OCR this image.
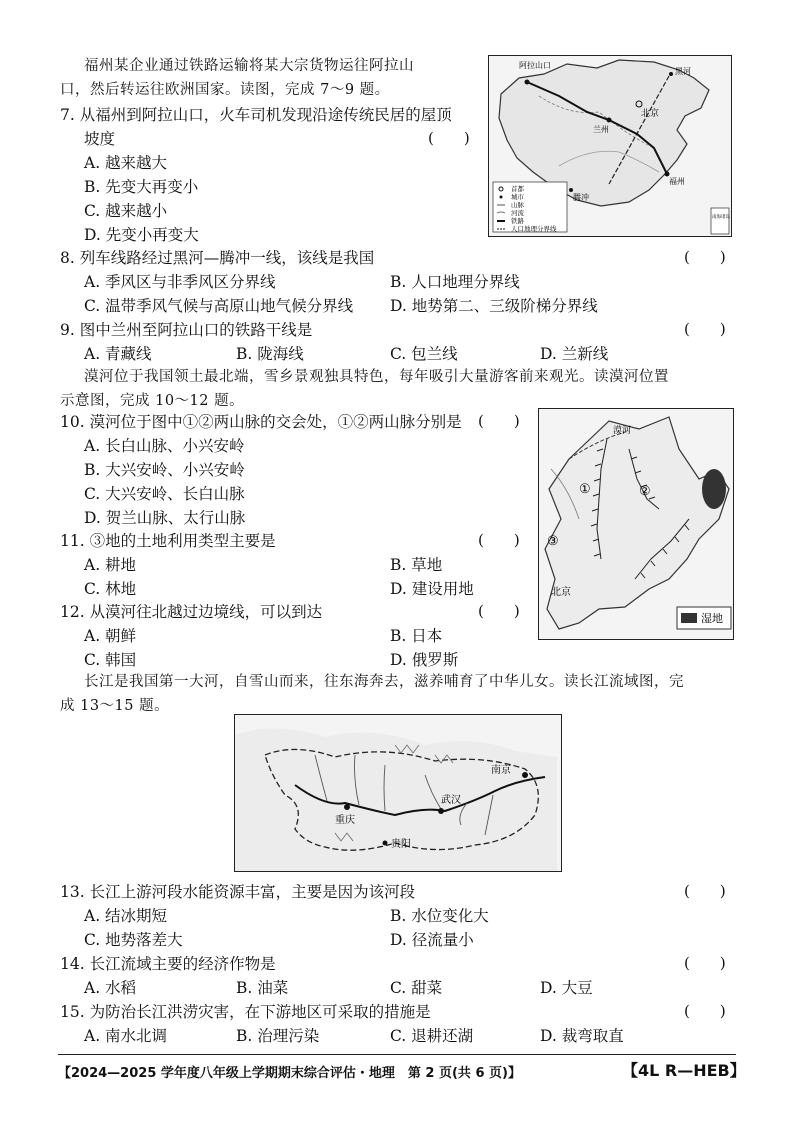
福州某企业通过铁路运输将某大宗货物运往阿拉山
口，然后转运往欧洲国家。读图，完成 7～9 题。
阿拉山口
北京
兰州
福州
腾冲
黑河
首都
城市
山脉
河流
铁路
人口地理分界线
南海诸岛
7. 从福州到阿拉山口，火车司机发现沿途传统民居的屋顶
坡度	(　　)
A. 越来越大
B. 先变大再变小
C. 越来越小
D. 先变小再变大
8. 列车线路经过黑河—腾冲一线，该线是我国	(　　)
A. 季风区与非季风区分界线	B. 人口地理分界线
C. 温带季风气候与高原山地气候分界线 D. 地势第二、三级阶梯分界线
9. 图中兰州至阿拉山口的铁路干线是	(　　)
A. 青藏线	B. 陇海线	C. 包兰线	D. 兰新线
漠河位于我国领土最北端，雪乡景观独具特色，每年吸引大量游客前来观光。读漠河位置
示意图，完成 10～12 题。
漠河
①	②
③
北京
湿地
10. 漠河位于图中①②两山脉的交会处，①②两山脉分别是 (　　)
A. 长白山脉、小兴安岭
B. 大兴安岭、小兴安岭
C. 大兴安岭、长白山脉
D. 贺兰山脉、太行山脉
11. ③地的土地利用类型主要是	(　　)
A. 耕地	B. 草地
C. 林地	D. 建设用地
12. 从漠河往北越过边境线，可以到达	(　　)
A. 朝鲜	B. 日本
C. 韩国	D. 俄罗斯
长江是我国第一大河，自雪山而来，往东海奔去，滋养哺育了中华儿女。读长江流域图，完
成 13～15 题。
重庆
武汉
南京
贵阳
13. 长江上游河段水能资源丰富，主要是因为该河段	(　　)
A. 结冰期短	B. 水位变化大
C. 地势落差大	D. 径流量小
14. 长江流域主要的经济作物是	(　　)
A. 水稻	B. 油菜	C. 甜菜	D. 大豆
15. 为防治长江洪涝灾害，在下游地区可采取的措施是	(　　)
A. 南水北调	B. 治理污染	C. 退耕还湖	D. 裁弯取直
【2024—2025 学年度八年级上学期期末综合评估・地理　第 2 页(共 6 页)】	【4L R—HEB】
